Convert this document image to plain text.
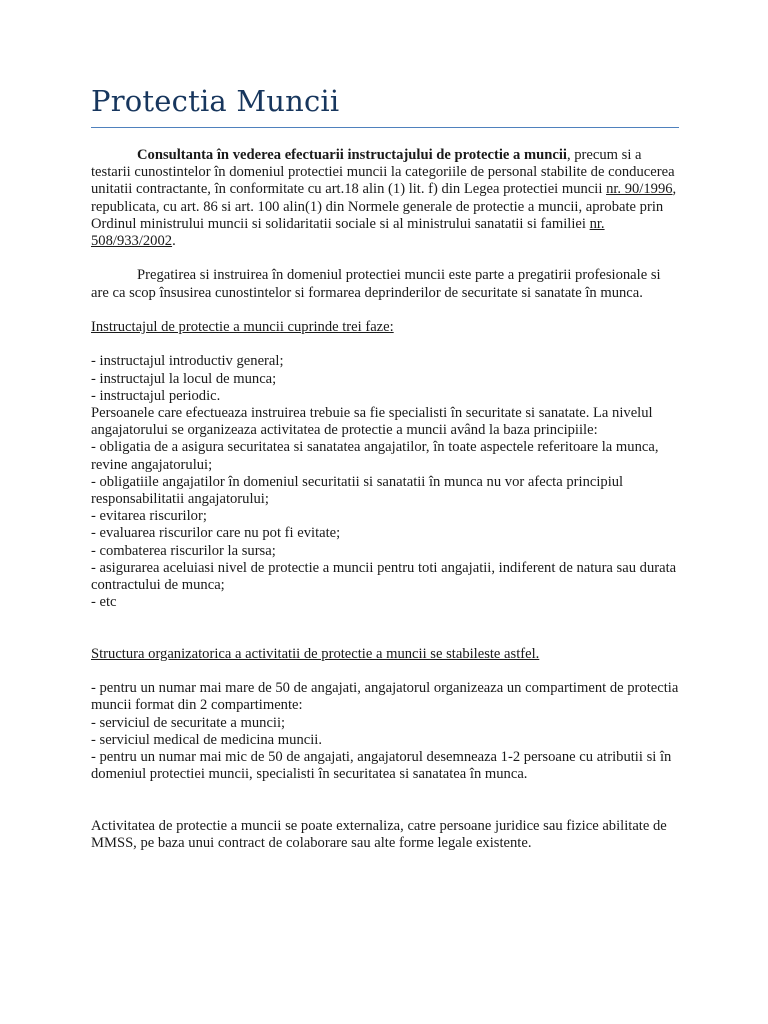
Protectia Muncii

Consultanta în vederea efectuarii instructajului de protectie a muncii, precum si a testarii cunostintelor în domeniul protectiei muncii la categoriile de personal stabilite de conducerea unitatii contractante, în conformitate cu art.18 alin (1) lit. f) din Legea protectiei muncii nr. 90/1996, republicata, cu art. 86 si art. 100 alin(1) din Normele generale de protectie a muncii, aprobate prin Ordinul ministrului muncii si solidaritatii sociale si al ministrului sanatatii si familiei nr. 508/933/2002.

Pregatirea si instruirea în domeniul protectiei muncii este parte a pregatirii profesionale si are ca scop însusirea cunostintelor si formarea deprinderilor de securitate si sanatate în munca.

Instructajul de protectie a muncii cuprinde trei faze:

- instructajul introductiv general;

- instructajul la locul de munca;

- instructajul periodic.

Persoanele care efectueaza instruirea trebuie sa fie specialisti în securitate si sanatate. La nivelul angajatorului se organizeaza activitatea de protectie a muncii având la baza principiile:

- obligatia de a asigura securitatea si sanatatea angajatilor, în toate aspectele referitoare la munca, revine angajatorului;

- obligatiile angajatilor în domeniul securitatii si sanatatii în munca nu vor afecta principiul responsabilitatii angajatorului;

- evitarea riscurilor;

- evaluarea riscurilor care nu pot fi evitate;

- combaterea riscurilor la sursa;

- asigurarea aceluiasi nivel de protectie a muncii pentru toti angajatii, indiferent de natura sau durata contractului de munca;

- etc

Structura organizatorica a activitatii de protectie a muncii se stabileste astfel.

- pentru un numar mai mare de 50 de angajati, angajatorul organizeaza un compartiment de protectia muncii format din 2 compartimente:

- serviciul de securitate a muncii;

- serviciul medical de medicina muncii.

- pentru un numar mai mic de 50 de angajati, angajatorul desemneaza 1-2 persoane cu atributii si în domeniul protectiei muncii, specialisti în securitatea si sanatatea în munca.

Activitatea de protectie a muncii se poate externaliza, catre persoane juridice sau fizice abilitate de MMSS, pe baza unui contract de colaborare sau alte forme legale existente.
